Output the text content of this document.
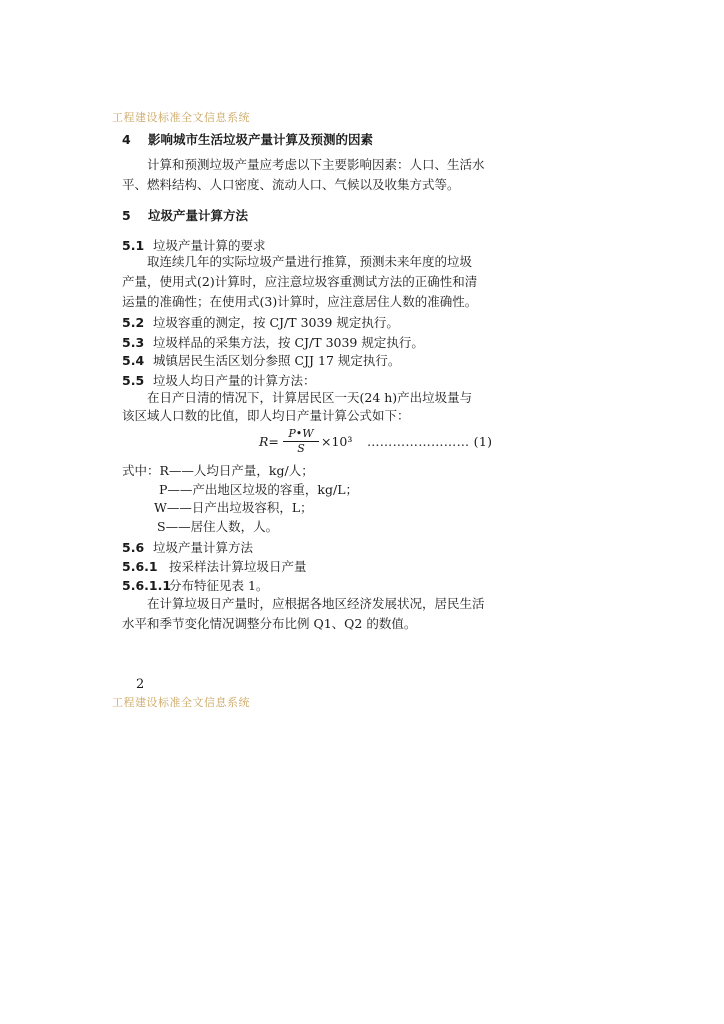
工程建设标准全文信息系统
4 影响城市生活垃圾产量计算及预测的因素
计算和预测垃圾产量应考虑以下主要影响因素：人口、生活水
平、燃料结构、人口密度、流动人口、气候以及收集方式等。
5 垃圾产量计算方法
5.1 垃圾产量计算的要求
取连续几年的实际垃圾产量进行推算，预测未来年度的垃圾
产量，使用式(2)计算时，应注意垃圾容重测试方法的正确性和清
运量的准确性；在使用式(3)计算时，应注意居住人数的准确性。
5.2 垃圾容重的测定，按 CJ/T 3039 规定执行。
5.3 垃圾样品的采集方法，按 CJ/T 3039 规定执行。
5.4 城镇居民生活区划分参照 CJJ 17 规定执行。
5.5 垃圾人均日产量的计算方法：
在日产日清的情况下，计算居民区一天(24 h)产出垃圾量与
该区域人口数的比值，即人均日产量计算公式如下：
R=
P•W
S	×10³ …………………… (1)
式中：R——人均日产量，kg/人；
P——产出地区垃圾的容重，kg/L；
W——日产出垃圾容积，L；
S——居住人数，人。
5.6 垃圾产量计算方法
5.6.1 按采样法计算垃圾日产量
5.6.1.1分布特征见表 1。
在计算垃圾日产量时，应根据各地区经济发展状况，居民生活
水平和季节变化情况调整分布比例 Q1、Q2 的数值。
2
工程建设标准全文信息系统
